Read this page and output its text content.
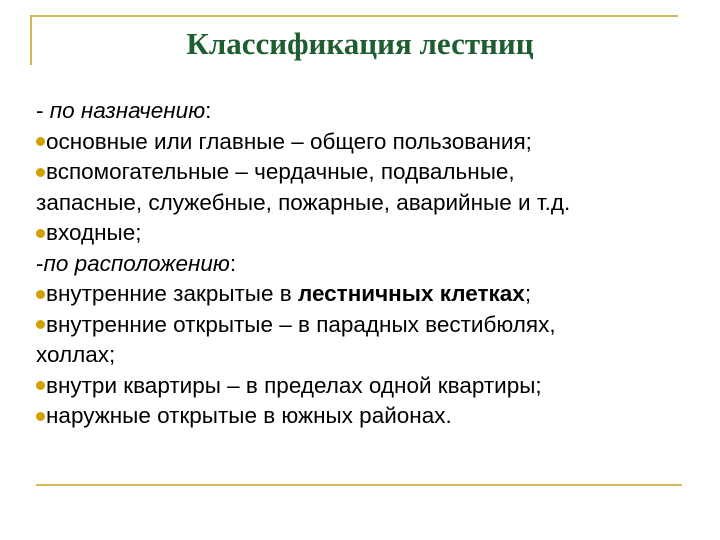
Классификация лестниц
- по назначению:
основные или главные – общего пользования;
вспомогательные – чердачные, подвальные,
запасные, служебные, пожарные, аварийные и т.д.
входные;
-по расположению:
внутренние закрытые в лестничных клетках;
внутренние открытые – в парадных вестибюлях,
холлах;
внутри квартиры – в пределах одной квартиры;
наружные открытые в южных районах.
